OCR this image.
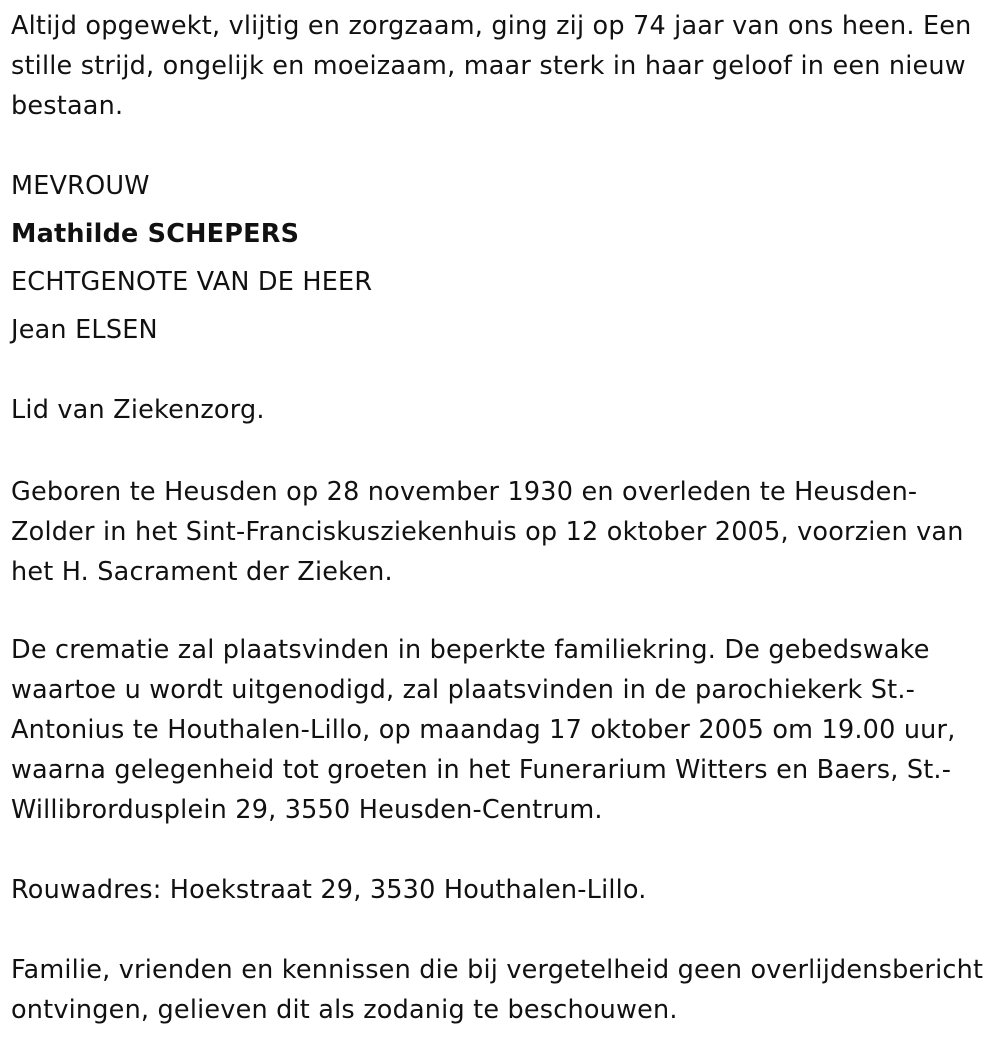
Altijd opgewekt, vlijtig en zorgzaam, ging zij op 74 jaar van ons heen. Een stille strijd, ongelijk en moeizaam, maar sterk in haar geloof in een nieuw bestaan.

MEVROUW

Mathilde SCHEPERS

ECHTGENOTE VAN DE HEER

Jean ELSEN

Lid van Ziekenzorg.

Geboren te Heusden op 28 november 1930 en overleden te Heusden-Zolder in het Sint-Franciskusziekenhuis op 12 oktober 2005, voorzien van het H. Sacrament der Zieken.

De crematie zal plaatsvinden in beperkte familiekring. De gebedswake waartoe u wordt uitgenodigd, zal plaatsvinden in de parochiekerk St.-Antonius te Houthalen-Lillo, op maandag 17 oktober 2005 om 19.00 uur, waarna gelegenheid tot groeten in het Funerarium Witters en Baers, St.-Willibrordusplein 29, 3550 Heusden-Centrum.

Rouwadres: Hoekstraat 29, 3530 Houthalen-Lillo.

Familie, vrienden en kennissen die bij vergetelheid geen overlijdensbericht ontvingen, gelieven dit als zodanig te beschouwen.
